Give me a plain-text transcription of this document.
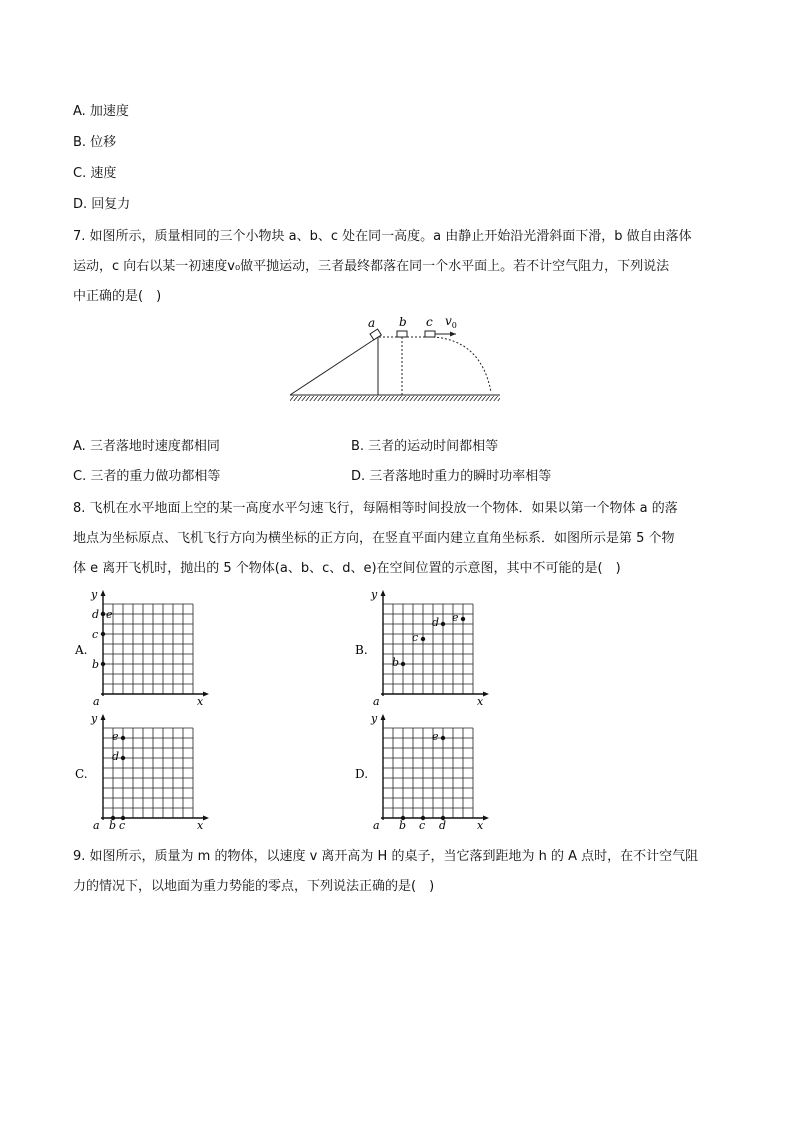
A. 加速度
B. 位移
C. 速度
D. 回复力
7. 如图所示，质量相同的三个小物块 a、b、c 处在同一高度。a 由静止开始沿光滑斜面下滑，b 做自由落体
运动，c 向右以某一初速度v₀做平抛运动，三者最终都落在同一个水平面上。若不计空气阻力，下列说法
中正确的是(　)
a b c $v_0$
A. 三者落地时速度都相同	B. 三者的运动时间都相等
C. 三者的重力做功都相等	D. 三者落地时重力的瞬时功率相等
8. 飞机在水平地面上空的某一高度水平匀速飞行，每隔相等时间投放一个物体．如果以第一个物体 a 的落
地点为坐标原点、飞机飞行方向为横坐标的正方向，在竖直平面内建立直角坐标系．如图所示是第 5 个物
体 e 离开飞机时，抛出的 5 个物体(a、b、c、d、e)在空间位置的示意图，其中不可能的是(　)
x
y
A.
a
b
c
d e
x
y
B.
a
b
c
d e
x
y
C.
a b c
d
e
x
y
D.
a b c d
e
9. 如图所示，质量为 m 的物体，以速度 v 离开高为 H 的桌子，当它落到距地为 h 的 A 点时，在不计空气阻
力的情况下，以地面为重力势能的零点，下列说法正确的是(　)
